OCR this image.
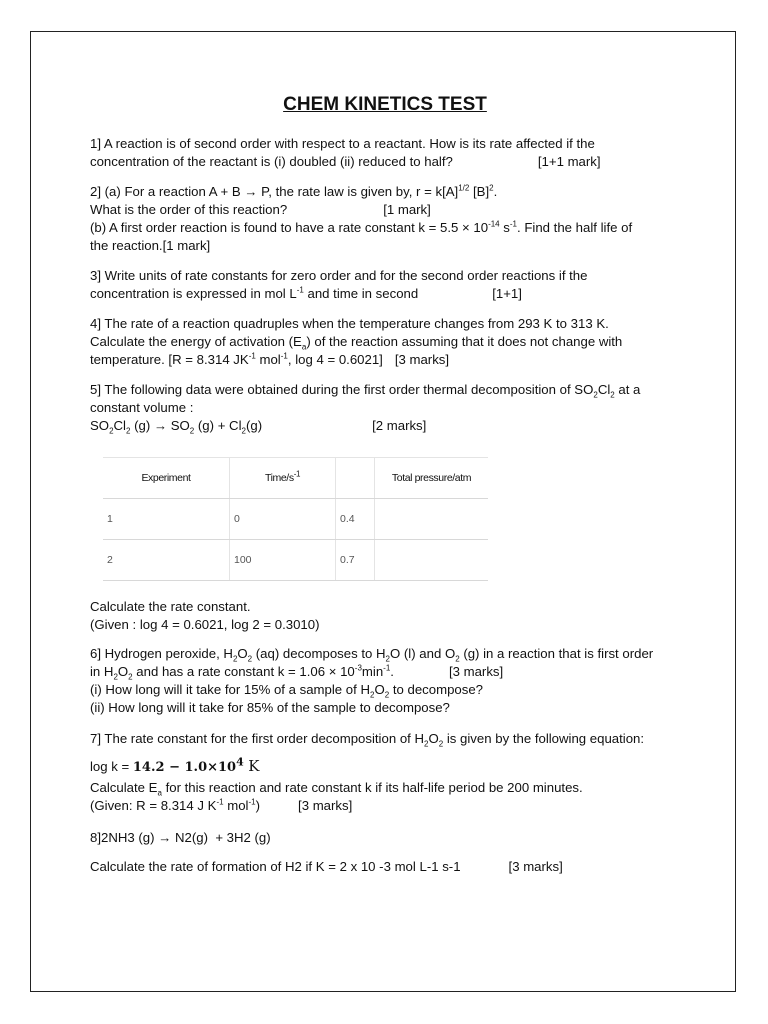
CHEM KINETICS TEST
1] A reaction is of second order with respect to a reactant. How is its rate affected if the
concentration of the reactant is (i) doubled (ii) reduced to half?	[1+1 mark]
2] (a) For a reaction A + B → P, the rate law is given by, $r = k[A]^{1/2}$ $[B]^2$.
What is the order of this reaction?	[1 mark]
(b) A first order reaction is found to have a rate constant $k = 5.5 \times 10^{-14}$ $s^{-1}$. Find the half life of
the reaction.[1 mark]
3] Write units of rate constants for zero order and for the second order reactions if the
concentration is expressed in mol $L^{-1}$ and time in second	[1+1]
4] The rate of a reaction quadruples when the temperature changes from 293 K to 313 K.
Calculate the energy of activation $(E_a)$ of the reaction assuming that it does not change with
temperature. [R = 8.314 $JK^{-1}$ mol$^{-1}$, log 4 = 0.6021] [3 marks]
5] The following data were obtained during the first order thermal decomposition of $SO_2Cl_2$ at a
constant volume :
$SO_2Cl_2$ $(g) \to SO_2$ $(g) + Cl_2(g)$	[2 marks]
Calculate the rate constant.
(Given : log 4 = 0.6021, log 2 = 0.3010)
6] Hydrogen peroxide, $H_2O_2$ (aq) decomposes to $H_2O$ (l) and $O_2$ (g) in a reaction that is first order
in $H_2O_2$ and has a rate constant $k = 1.06 \times 10^{-3}\min^{-1}$.	[3 marks]
(i) How long will it take for 15% of a sample of $H_2O_2$ to decompose?
(ii) How long will it take for 85% of the sample to decompose?
7] The rate constant for the first order decomposition of $H_2O_2$ is given by the following equation:
$\log k = 14.2 - 1.0\times 10^4$ K
Calculate $E_a$ for this reaction and rate constant k if its half-life period be 200 minutes.
(Given: R = 8.314 J $K^{-1}$ mol$^{-1}$)	[3 marks]
8]2NH3 (g) → N2(g)  + 3H2 (g)
Calculate the rate of formation of H2 if K = 2 x 10 -3 mol L-1 s-1	[3 marks]
Experiment	Time/$s^{-1}$		Total pressure/atm
1	0	0.4	
2	100	0.7	
